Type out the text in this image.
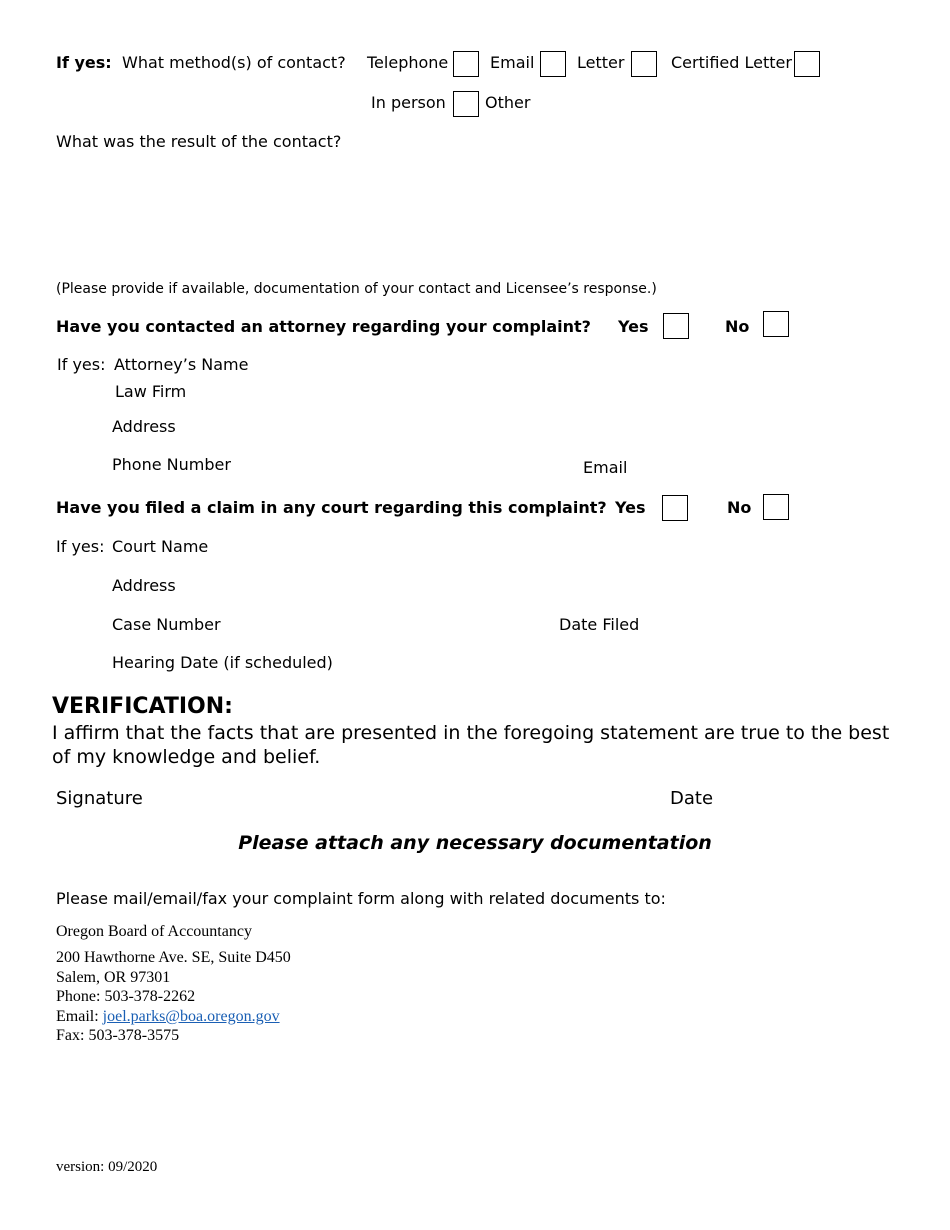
If yes: What method(s) of contact? Telephone	Email	Letter	Certified Letter
In person Other
What was the result of the contact?
(Please provide if available, documentation of your contact and Licensee’s response.)
Have you contacted an attorney regarding your complaint? Yes	No
If yes: Attorney’s Name
Law Firm
Address
Phone Number	Email
Have you filed a claim in any court regarding this complaint? Yes	No
If yes: Court Name
Address
Case Number	Date Filed
Hearing Date (if scheduled)
VERIFICATION:
I affirm that the facts that are presented in the foregoing statement are true to the best of my knowledge and belief.
Signature	Date
Please attach any necessary documentation
Please mail/email/fax your complaint form along with related documents to:
Oregon Board of Accountancy
200 Hawthorne Ave. SE, Suite D450
Salem, OR 97301
Phone: 503-378-2262
Email: joel.parks@boa.oregon.gov
Fax: 503-378-3575
version: 09/2020
